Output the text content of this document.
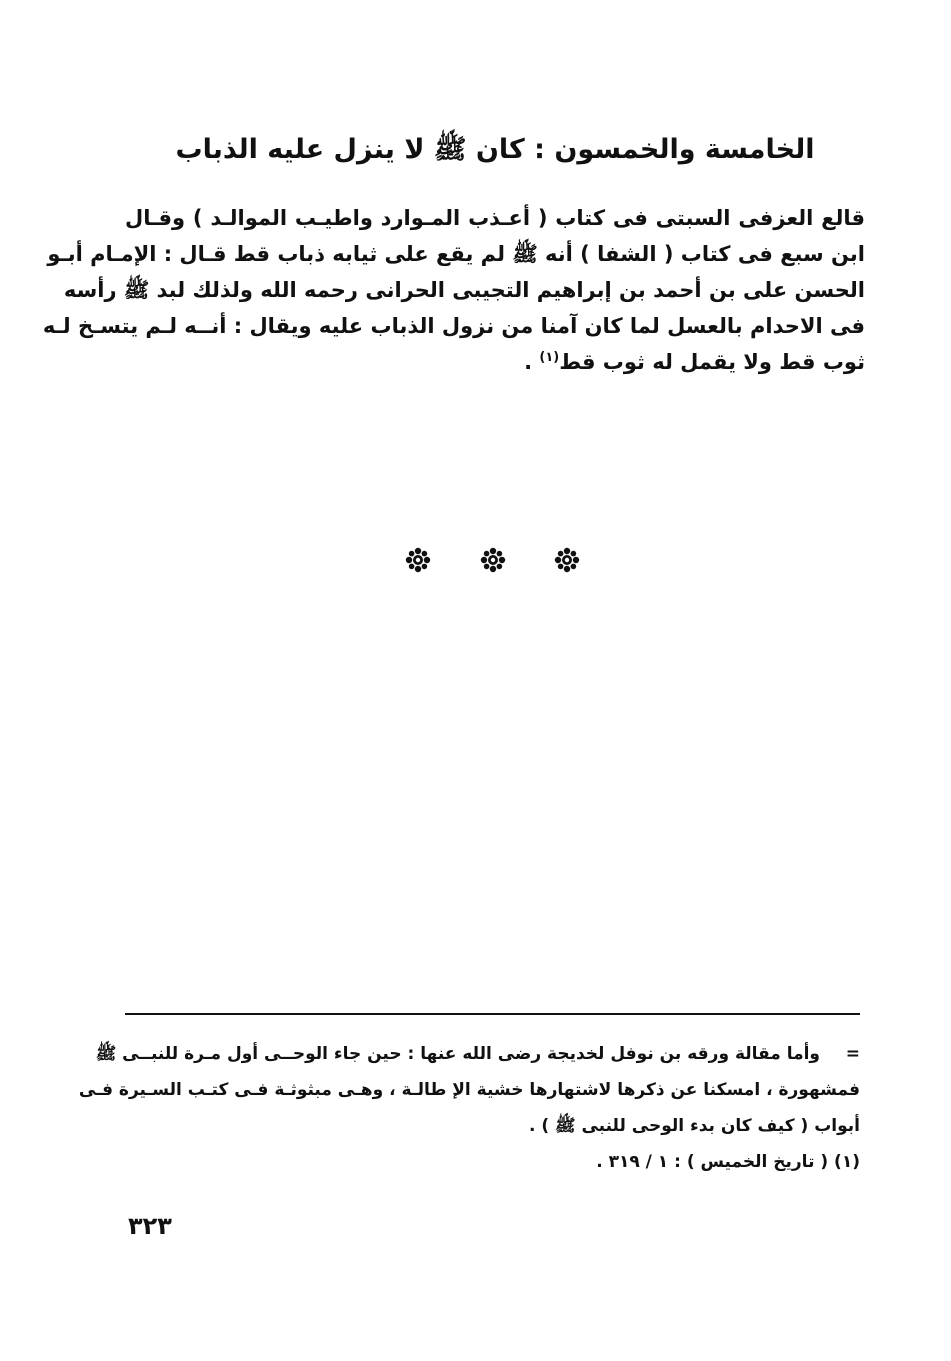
الخامسة والخمسون : كان ﷺ لا ينزل عليه الذباب
قالع العزفى السبتى فى كتاب ( أعـذب المـوارد واطيـب الموالـد ) وقـال
ابن سبع فى كتاب ( الشفا ) أنه ﷺ لم يقع على ثيابه ذباب قط قـال : الإمـام أبـو
الحسن على بن أحمد بن إبراهيم التجيبى الحرانى رحمه الله ولذلك لبد ﷺ رأسه
فى الاحدام بالعسل لما كان آمنا من نزول الذباب عليه ويقال : أنــه لـم يتسـخ لـه
ثوب قط ولا يقمل له ثوب قط$^{(١)}$ .
=وأما مقالة ورقه بن نوفل لخديجة رضى الله عنها : حين جاء الوحــى أول مـرة للنبــى ﷺ
فمشهورة ، امسكنا عن ذكرها لاشتهارها خشية الإ طالـة ، وهـى مبثوثـة فـى كتـب السـيرة فـى
أبواب ( كيف كان بدء الوحى للنبى ﷺ ) .
(١) ( تاريخ الخميس ) : ١ / ٣١٩ .
٣٢٣
